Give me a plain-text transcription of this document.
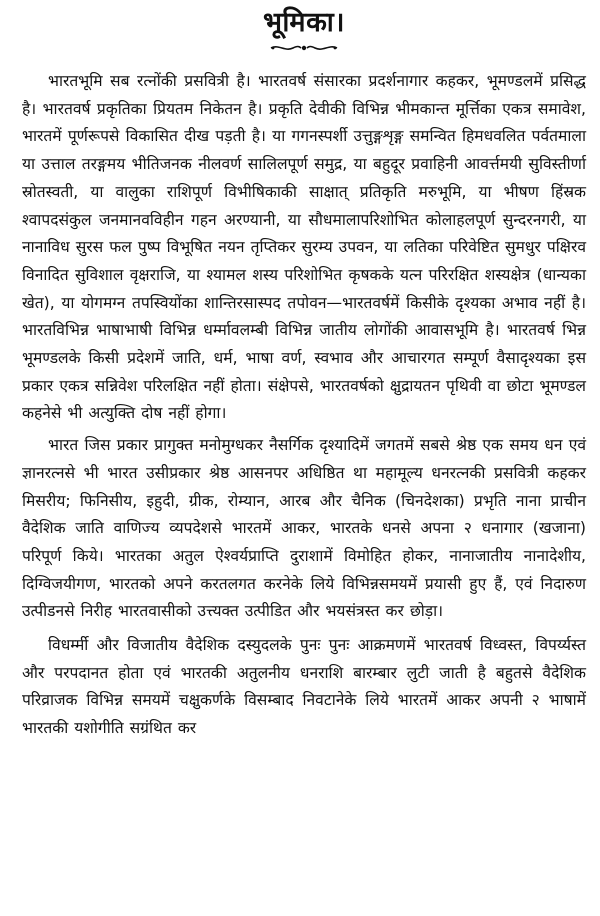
भूमिका।

भारतभूमि सब रत्नोंकी प्रसवित्री है। भारतवर्ष संसारका प्रदर्शनागार कहकर, भूमण्डलमें प्रसिद्ध है। भारतवर्ष प्रकृतिका प्रियतम निकेतन है। प्रकृति देवीकी विभिन्न भीमकान्त मूर्त्तिका एकत्र समावेश, भारतमें पूर्णरूपसे विकासित दीख पड़ती है। या गगनस्पर्शी उत्तुङ्गशृङ्ग समन्वित हिमधवलित पर्वतमाला या उत्ताल तरङ्गमय भीतिजनक नीलवर्ण सालिलपूर्ण समुद्र, या बहुदूर प्रवाहिनी आवर्त्तमयी सुविस्तीर्णा स्रोतस्वती, या वालुका राशिपूर्ण विभीषिकाकी साक्षात् प्रतिकृति मरुभूमि, या भीषण हिंस्रक श्वापदसंकुल जनमानवविहीन गहन अरण्यानी, या सौधमालापरिशोभित कोलाहलपूर्ण सुन्दरनगरी, या नानाविध सुरस फल पुष्प विभूषित नयन तृप्तिकर सुरम्य उपवन, या लतिका परिवेष्टित सुमधुर पक्षिरव विनादित सुविशाल वृक्षराजि, या श्यामल शस्य परिशोभित कृषकके यत्न परिरक्षित शस्यक्षेत्र (धान्यका खेत), या योगमग्न तपस्वियोंका शान्तिरसास्पद तपोवन—भारतवर्षमें किसीके दृश्यका अभाव नहीं है। भारतविभिन्न भाषाभाषी विभिन्न धर्म्मावलम्बी विभिन्न जातीय लोगोंकी आवासभूमि है। भारतवर्ष भिन्न भूमण्डलके किसी प्रदेशमें जाति, धर्म, भाषा वर्ण, स्वभाव और आचारगत सम्पूर्ण वैसादृश्यका इस प्रकार एकत्र सन्निवेश परिलक्षित नहीं होता। संक्षेपसे, भारतवर्षको क्षुद्रायतन पृथिवी वा छोटा भूमण्डल कहनेसे भी अत्युक्ति दोष नहीं होगा।

भारत जिस प्रकार प्रागुक्त मनोमुग्धकर नैसर्गिक दृश्यादिमें जगतमें सबसे श्रेष्ठ एक समय धन एवं ज्ञानरत्नसे भी भारत उसीप्रकार श्रेष्ठ आसनपर अधिष्ठित था महामूल्य धनरत्नकी प्रसवित्री कहकर मिसरीय; फिनिसीय, इहुदी, ग्रीक, रोम्यान, आरब और चैनिक (चिनदेशका) प्रभृति नाना प्राचीन वैदेशिक जाति वाणिज्य व्यपदेशसे भारतमें आकर, भारतके धनसे अपना २ धनागार (खजाना) परिपूर्ण किये। भारतका अतुल ऐश्वर्यप्राप्ति दुराशामें विमोहित होकर, नानाजातीय नानादेशीय, दिग्विजयीगण, भारतको अपने करतलगत करनेके लिये विभिन्नसमयमें प्रयासी हुए हैं, एवं निदारुण उत्पीडनसे निरीह भारतवासीको उत्त्यक्त उत्पीडित और भयसंत्रस्त कर छोड़ा।

विधर्म्मी और विजातीय वैदेशिक दस्युदलके पुनः पुनः आक्रमणमें भारतवर्ष विध्वस्त, विपर्य्यस्त और परपदानत होता एवं भारतकी अतुलनीय धनराशि बारम्बार लुटी जाती है बहुतसे वैदेशिक परिव्राजक विभिन्न समयमें चक्षुकर्णके विसम्बाद निवटानेके लिये भारतमें आकर अपनी २ भाषामें भारतकी यशोगीति सग्रंथित कर
